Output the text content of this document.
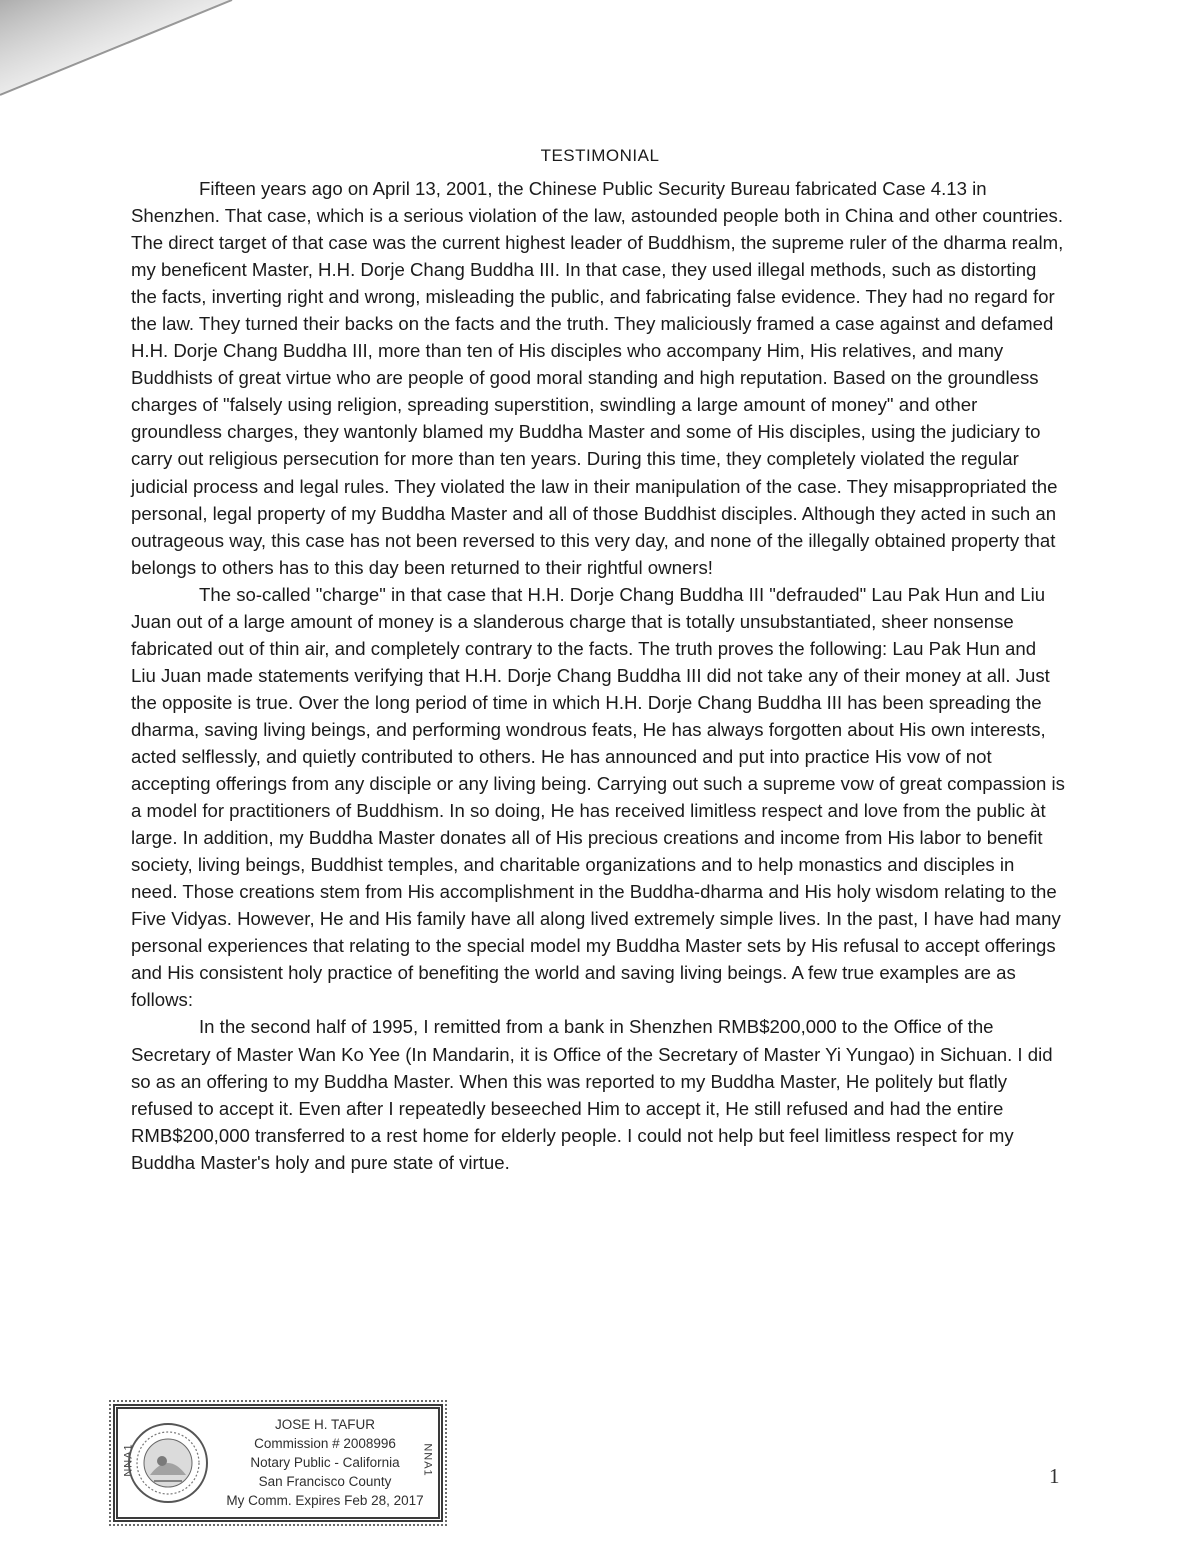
TESTIMONIAL

Fifteen years ago on April 13, 2001, the Chinese Public Security Bureau fabricated Case 4.13 in Shenzhen. That case, which is a serious violation of the law, astounded people both in China and other countries. The direct target of that case was the current highest leader of Buddhism, the supreme ruler of the dharma realm, my beneficent Master, H.H. Dorje Chang Buddha III. In that case, they used illegal methods, such as distorting the facts, inverting right and wrong, misleading the public, and fabricating false evidence. They had no regard for the law. They turned their backs on the facts and the truth. They maliciously framed a case against and defamed H.H. Dorje Chang Buddha III, more than ten of His disciples who accompany Him, His relatives, and many Buddhists of great virtue who are people of good moral standing and high reputation. Based on the groundless charges of "falsely using religion, spreading superstition, swindling a large amount of money" and other groundless charges, they wantonly blamed my Buddha Master and some of His disciples, using the judiciary to carry out religious persecution for more than ten years. During this time, they completely violated the regular judicial process and legal rules. They violated the law in their manipulation of the case. They misappropriated the personal, legal property of my Buddha Master and all of those Buddhist disciples. Although they acted in such an outrageous way, this case has not been reversed to this very day, and none of the illegally obtained property that belongs to others has to this day been returned to their rightful owners!

The so-called "charge" in that case that H.H. Dorje Chang Buddha III "defrauded" Lau Pak Hun and Liu Juan out of a large amount of money is a slanderous charge that is totally unsubstantiated, sheer nonsense fabricated out of thin air, and completely contrary to the facts. The truth proves the following: Lau Pak Hun and Liu Juan made statements verifying that H.H. Dorje Chang Buddha III did not take any of their money at all. Just the opposite is true. Over the long period of time in which H.H. Dorje Chang Buddha III has been spreading the dharma, saving living beings, and performing wondrous feats, He has always forgotten about His own interests, acted selflessly, and quietly contributed to others. He has announced and put into practice His vow of not accepting offerings from any disciple or any living being. Carrying out such a supreme vow of great compassion is a model for practitioners of Buddhism. In so doing, He has received limitless respect and love from the public àt large. In addition, my Buddha Master donates all of His precious creations and income from His labor to benefit society, living beings, Buddhist temples, and charitable organizations and to help monastics and disciples in need. Those creations stem from His accomplishment in the Buddha-dharma and His holy wisdom relating to the Five Vidyas. However, He and His family have all along lived extremely simple lives. In the past, I have had many personal experiences that relating to the special model my Buddha Master sets by His refusal to accept offerings and His consistent holy practice of benefiting the world and saving living beings. A few true examples are as follows:

In the second half of 1995, I remitted from a bank in Shenzhen RMB$200,000 to the Office of the Secretary of Master Wan Ko Yee (In Mandarin, it is Office of the Secretary of Master Yi Yungao) in Sichuan. I did so as an offering to my Buddha Master. When this was reported to my Buddha Master, He politely but flatly refused to accept it. Even after I repeatedly beseeched Him to accept it, He still refused and had the entire RMB$200,000 transferred to a rest home for elderly people. I could not help but feel limitless respect for my Buddha Master's holy and pure state of virtue.

NNA1
JOSE H. TAFUR
Commission # 2008996
Notary Public - California
San Francisco County
My Comm. Expires Feb 28, 2017
NNA1	1
